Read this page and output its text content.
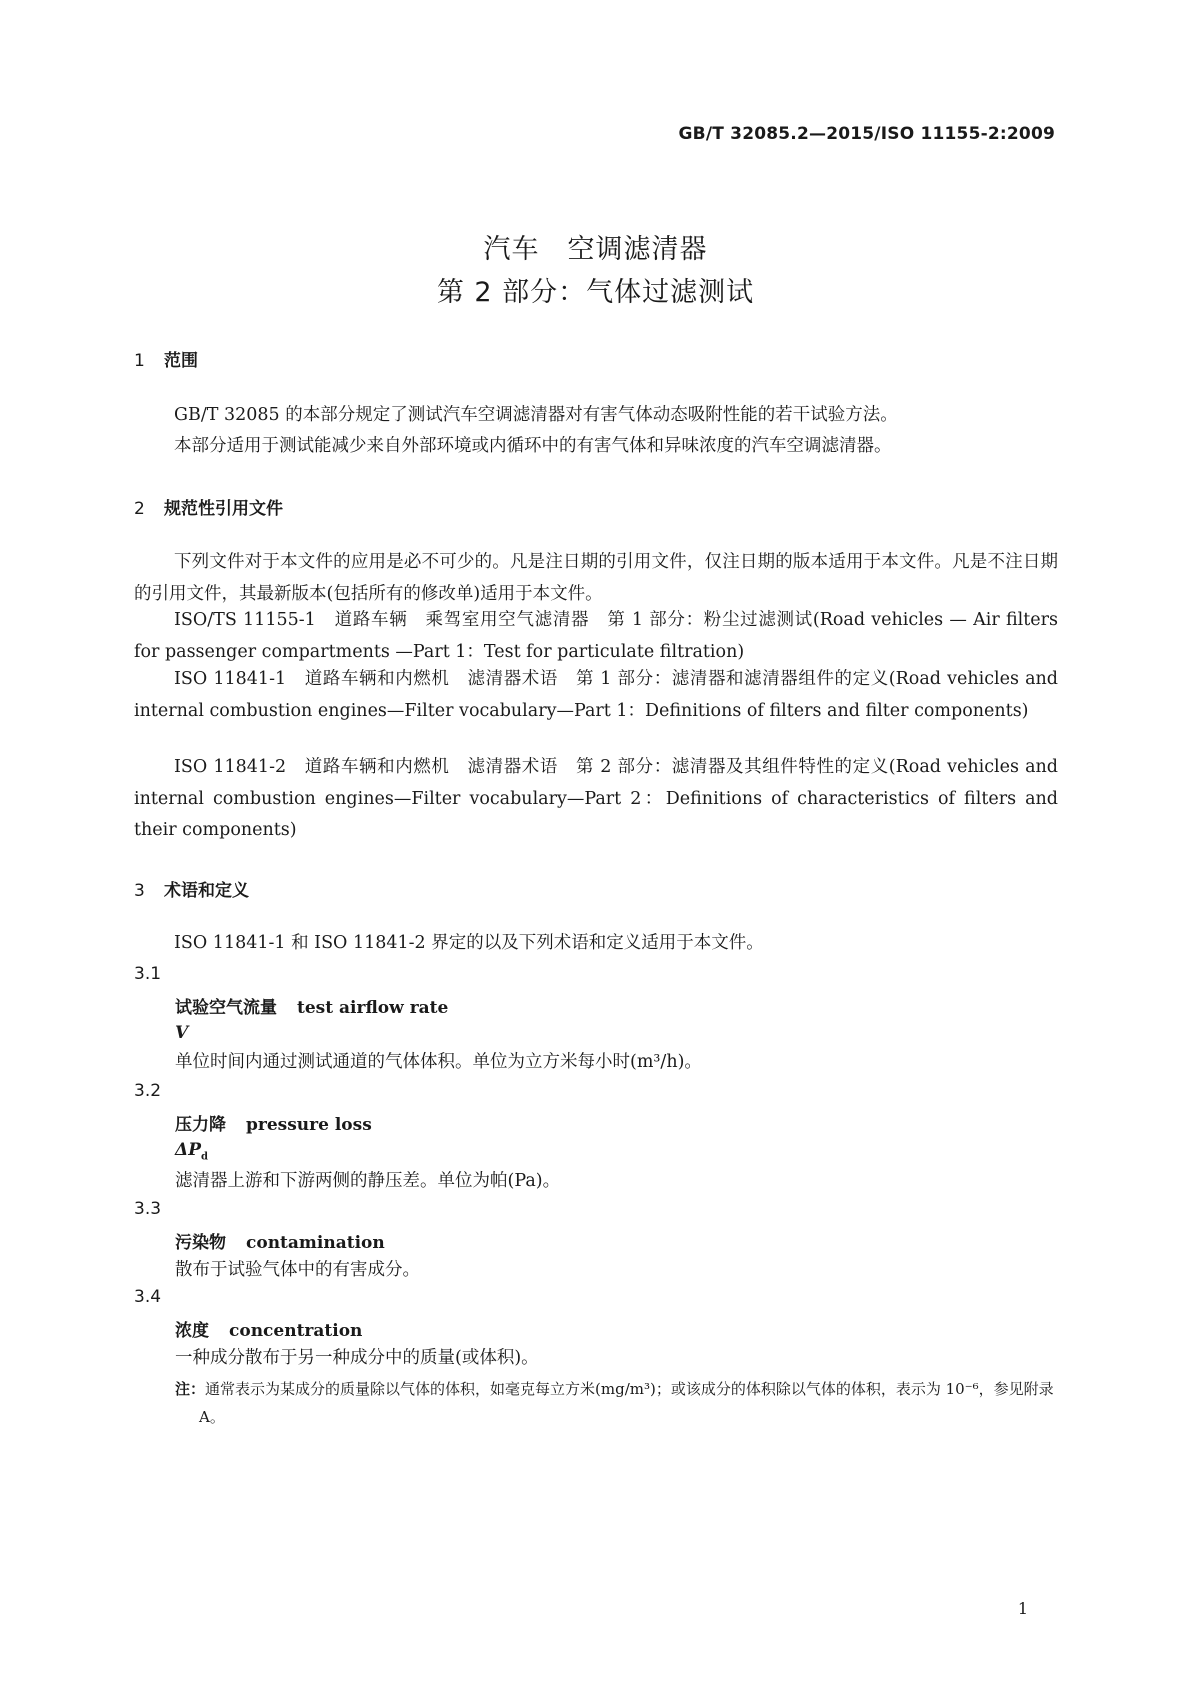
GB/T 32085.2—2015/ISO 11155-2:2009
汽车　空调滤清器
第 2 部分：气体过滤测试
1 范围
GB/T 32085 的本部分规定了测试汽车空调滤清器对有害气体动态吸附性能的若干试验方法。
本部分适用于测试能减少来自外部环境或内循环中的有害气体和异味浓度的汽车空调滤清器。
2 规范性引用文件
下列文件对于本文件的应用是必不可少的。凡是注日期的引用文件，仅注日期的版本适用于本文件。凡是不注日期的引用文件，其最新版本(包括所有的修改单)适用于本文件。
ISO/TS 11155-1　道路车辆　乘驾室用空气滤清器　第 1 部分：粉尘过滤测试(Road vehicles — Air filters for passenger compartments —Part 1：Test for particulate filtration)
ISO 11841-1　道路车辆和内燃机　滤清器术语　第 1 部分：滤清器和滤清器组件的定义(Road vehicles and internal combustion engines—Filter vocabulary—Part 1：Definitions of filters and filter components)
ISO 11841-2　道路车辆和内燃机　滤清器术语　第 2 部分：滤清器及其组件特性的定义(Road vehicles and internal combustion engines—Filter vocabulary—Part 2：Definitions of characteristics of filters and their components)
3 术语和定义
ISO 11841-1 和 ISO 11841-2 界定的以及下列术语和定义适用于本文件。
3.1
试验空气流量 test airflow rate
V
单位时间内通过测试通道的气体体积。单位为立方米每小时(m³/h)。
3.2
压力降 pressure loss
$\Delta P_d$
滤清器上游和下游两侧的静压差。单位为帕(Pa)。
3.3
污染物 contamination
散布于试验气体中的有害成分。
3.4
浓度 concentration
一种成分散布于另一种成分中的质量(或体积)。
注：通常表示为某成分的质量除以气体的体积，如毫克每立方米(mg/m³)；或该成分的体积除以气体的体积，表示为 10⁻⁶，参见附录 A。
1
